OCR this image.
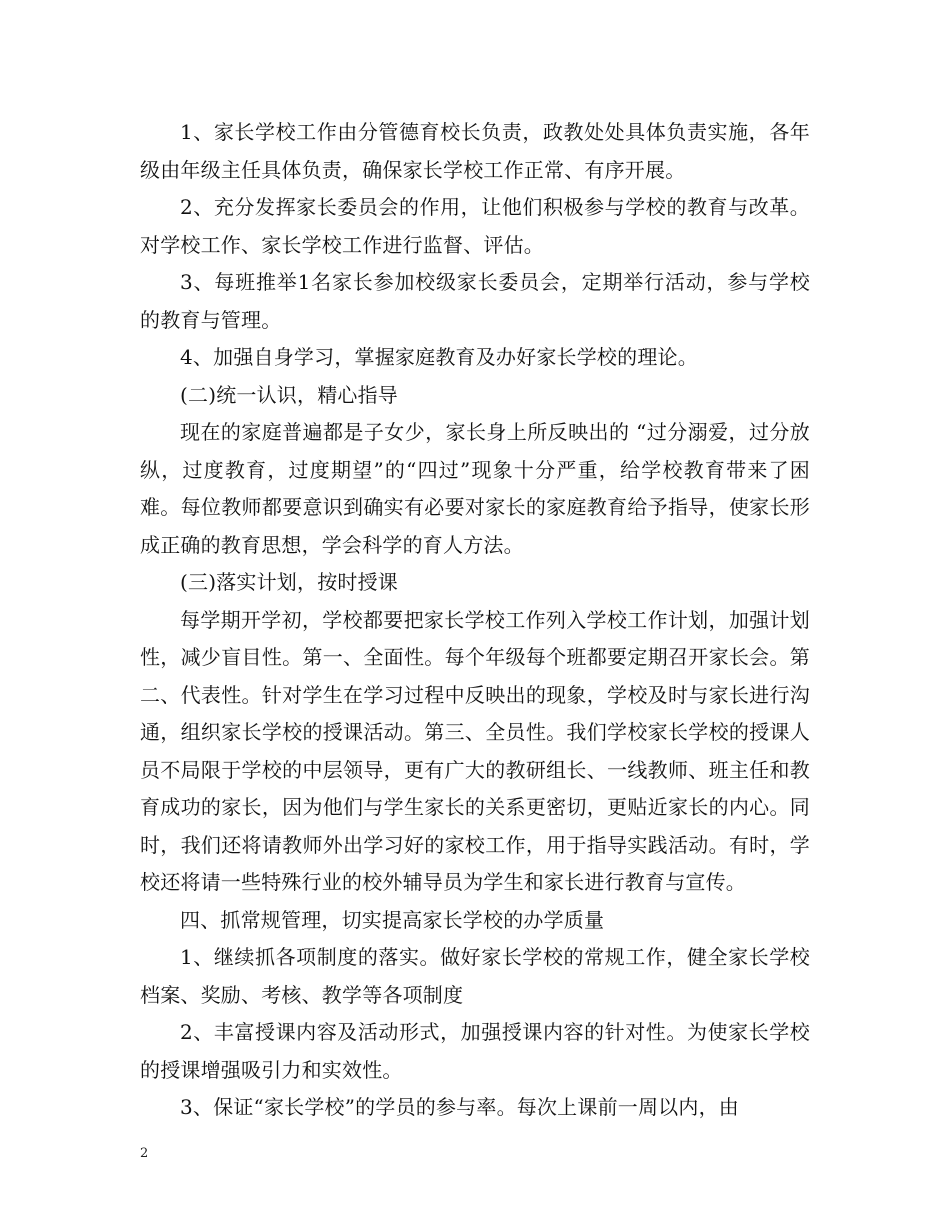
1、家长学校工作由分管德育校长负责，政教处处具体负责实施，各年级由年级主任具体负责，确保家长学校工作正常、有序开展。

2、充分发挥家长委员会的作用，让他们积极参与学校的教育与改革。对学校工作、家长学校工作进行监督、评估。

3、每班推举1名家长参加校级家长委员会，定期举行活动，参与学校的教育与管理。

4、加强自身学习，掌握家庭教育及办好家长学校的理论。

(二)统一认识，精心指导

现在的家庭普遍都是子女少，家长身上所反映出的 “过分溺爱，过分放纵，过度教育，过度期望”的“四过”现象十分严重，给学校教育带来了困难。每位教师都要意识到确实有必要对家长的家庭教育给予指导，使家长形成正确的教育思想，学会科学的育人方法。

(三)落实计划，按时授课

每学期开学初，学校都要把家长学校工作列入学校工作计划，加强计划性，减少盲目性。第一、全面性。每个年级每个班都要定期召开家长会。第二、代表性。针对学生在学习过程中反映出的现象，学校及时与家长进行沟通，组织家长学校的授课活动。第三、全员性。我们学校家长学校的授课人员不局限于学校的中层领导，更有广大的教研组长、一线教师、班主任和教育成功的家长，因为他们与学生家长的关系更密切，更贴近家长的内心。同时，我们还将请教师外出学习好的家校工作，用于指导实践活动。有时，学校还将请一些特殊行业的校外辅导员为学生和家长进行教育与宣传。

四、抓常规管理，切实提高家长学校的办学质量

1、继续抓各项制度的落实。做好家长学校的常规工作，健全家长学校档案、奖励、考核、教学等各项制度

2、丰富授课内容及活动形式，加强授课内容的针对性。为使家长学校的授课增强吸引力和实效性。

3、保证“家长学校”的学员的参与率。每次上课前一周以内，由

2
